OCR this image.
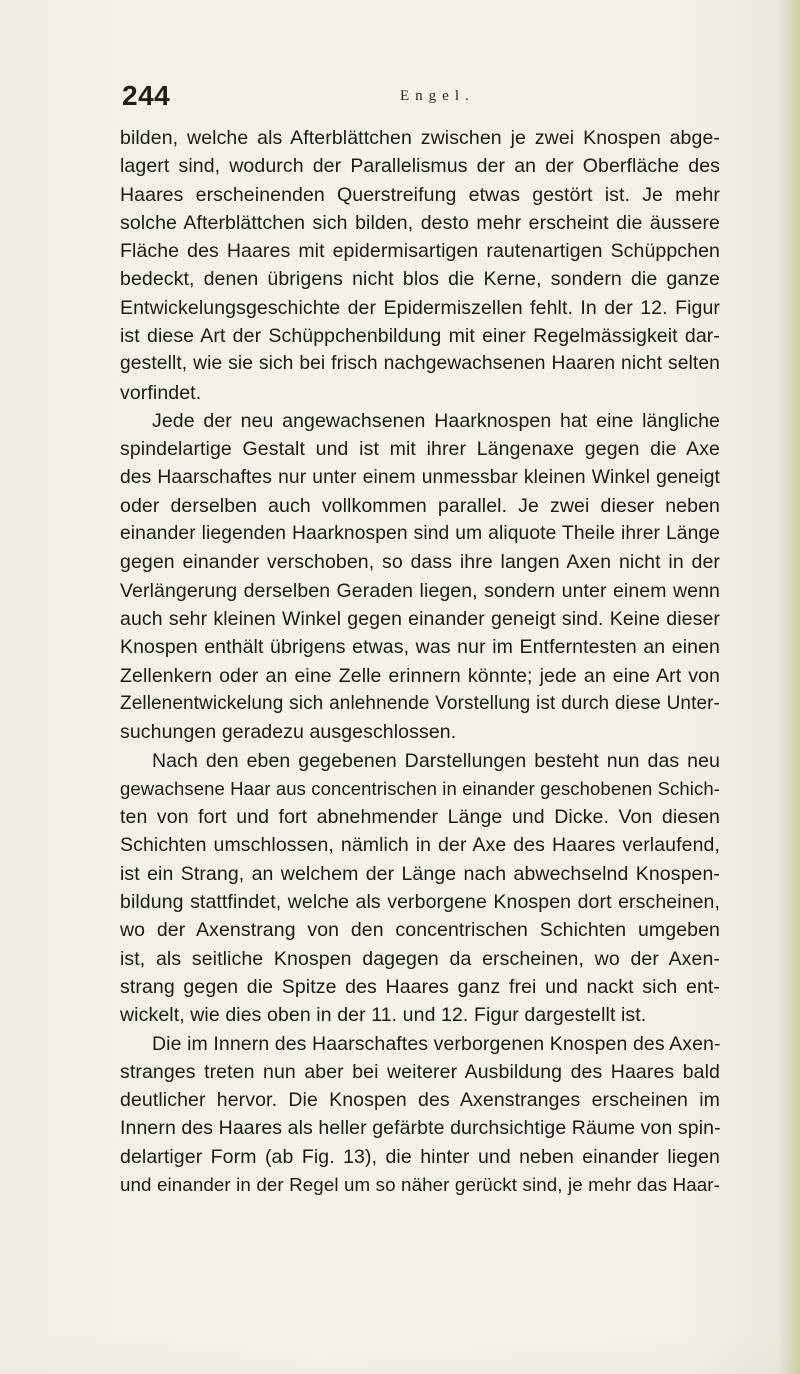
244	Engel.
bilden, welche als Afterblättchen zwischen je zwei Knospen abge-
lagert sind, wodurch der Parallelismus der an der Oberfläche des
Haares erscheinenden Querstreifung etwas gestört ist. Je mehr
solche Afterblättchen sich bilden, desto mehr erscheint die äussere
Fläche des Haares mit epidermisartigen rautenartigen Schüppchen
bedeckt, denen übrigens nicht blos die Kerne, sondern die ganze
Entwickelungsgeschichte der Epidermiszellen fehlt. In der 12. Figur
ist diese Art der Schüppchenbildung mit einer Regelmässigkeit dar-
gestellt, wie sie sich bei frisch nachgewachsenen Haaren nicht selten
vorfindet.
Jede der neu angewachsenen Haarknospen hat eine längliche
spindelartige Gestalt und ist mit ihrer Längenaxe gegen die Axe
des Haarschaftes nur unter einem unmessbar kleinen Winkel geneigt
oder derselben auch vollkommen parallel. Je zwei dieser neben
einander liegenden Haarknospen sind um aliquote Theile ihrer Länge
gegen einander verschoben, so dass ihre langen Axen nicht in der
Verlängerung derselben Geraden liegen, sondern unter einem wenn
auch sehr kleinen Winkel gegen einander geneigt sind. Keine dieser
Knospen enthält übrigens etwas, was nur im Entferntesten an einen
Zellenkern oder an eine Zelle erinnern könnte; jede an eine Art von
Zellenentwickelung sich anlehnende Vorstellung ist durch diese Unter-
suchungen geradezu ausgeschlossen.
Nach den eben gegebenen Darstellungen besteht nun das neu
gewachsene Haar aus concentrischen in einander geschobenen Schich-
ten von fort und fort abnehmender Länge und Dicke. Von diesen
Schichten umschlossen, nämlich in der Axe des Haares verlaufend,
ist ein Strang, an welchem der Länge nach abwechselnd Knospen-
bildung stattfindet, welche als verborgene Knospen dort erscheinen,
wo der Axenstrang von den concentrischen Schichten umgeben
ist, als seitliche Knospen dagegen da erscheinen, wo der Axen-
strang gegen die Spitze des Haares ganz frei und nackt sich ent-
wickelt, wie dies oben in der 11. und 12. Figur dargestellt ist.
Die im Innern des Haarschaftes verborgenen Knospen des Axen-
stranges treten nun aber bei weiterer Ausbildung des Haares bald
deutlicher hervor. Die Knospen des Axenstranges erscheinen im
Innern des Haares als heller gefärbte durchsichtige Räume von spin-
delartiger Form (ab Fig. 13), die hinter und neben einander liegen
und einander in der Regel um so näher gerückt sind, je mehr das Haar-
